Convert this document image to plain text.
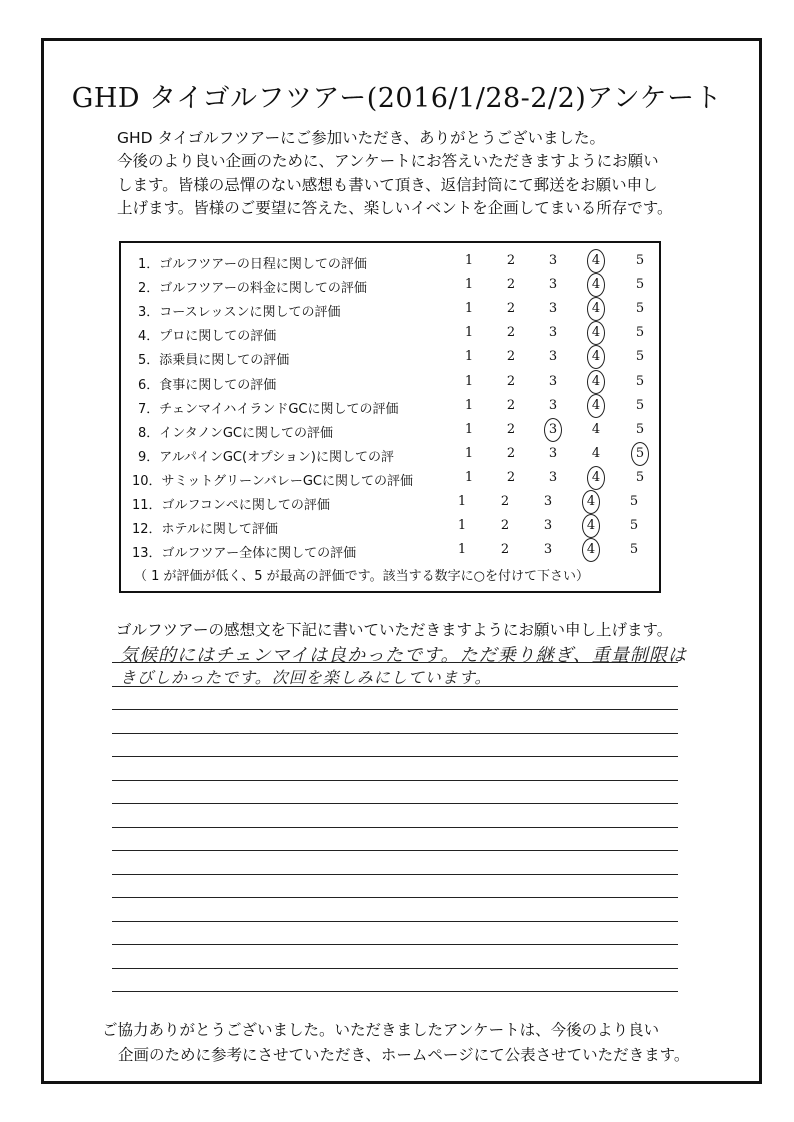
GHD タイゴルフツアー(2016/1/28-2/2)アンケート

GHD タイゴルフツアーにご参加いただき、ありがとうございました。

今後のより良い企画のために、アンケートにお答えいただきますようにお願い

します。皆様の忌憚のない感想も書いて頂き、返信封筒にて郵送をお願い申し

上げます。皆様のご要望に答えた、楽しいイベントを企画してまいる所存です。

1．ゴルフツアーの日程に関しての評価	1	2	3	4	5
2．ゴルフツアーの料金に関しての評価	1	2	3	4	5
3．コースレッスンに関しての評価	1	2	3	4	5
4．プロに関しての評価	1	2	3	4	5
5．添乗員に関しての評価	1	2	3	4	5
6．食事に関しての評価	1	2	3	4	5
7．チェンマイハイランドGCに関しての評価	1	2	3	4	5
8．インタノンGCに関しての評価	1	2	3	4	5
9．アルパインGC(オプション)に関しての評	1	2	3	4	5
10．サミットグリーンバレーGCに関しての評価	1	2	3	4	5
11．ゴルフコンペに関しての評価	1	2	3	4	5
12．ホテルに関して評価	1	2	3	4	5
13．ゴルフツアー全体に関しての評価	1	2	3	4	5
（ 1 が評価が低く、5 が最高の評価です。該当する数字に○を付けて下さい）
ゴルフツアーの感想文を下記に書いていただきますようにお願い申し上げます。
気候的にはチェンマイは良かったです。ただ乗り継ぎ、重量制限は
きびしかったです。次回を楽しみにしています。

ご協力ありがとうございました。いただきましたアンケートは、今後のより良い

企画のために参考にさせていただき、ホームページにて公表させていただきます。
